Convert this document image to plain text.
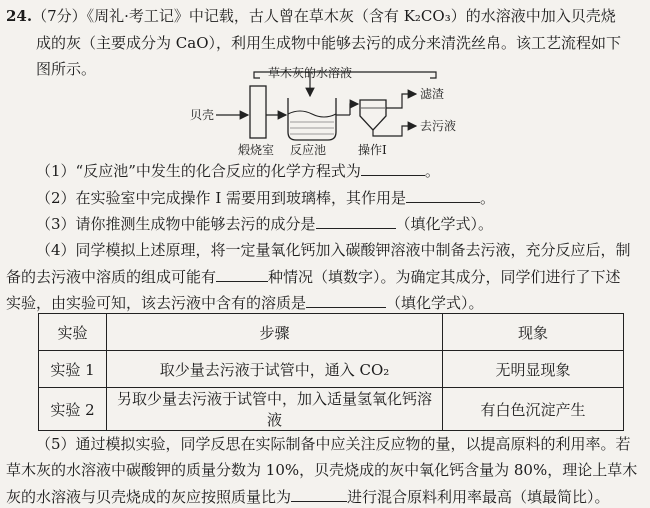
24.（7分）《周礼·考工记》中记载，古人曾在草木灰（含有 K₂CO₃）的水溶液中加入贝壳烧
成的灰（主要成分为 CaO），利用生成物中能够去污的成分来清洗丝帛。该工艺流程如下
图所示。	草木灰的水溶液
贝壳
滤渣
去污液
煅烧室 反应池	操作I
（1）“反应池”中发生的化合反应的化学方程式为	。
（2）在实验室中完成操作 I 需要用到玻璃棒，其作用是	。
（3）请你推测生成物中能够去污的成分是	（填化学式）。
（4）同学模拟上述原理，将一定量氧化钙加入碳酸钾溶液中制备去污液，充分反应后，制
备的去污液中溶质的组成可能有	种情况（填数字）。为确定其成分，同学们进行了下述
实验，由实验可知，该去污液中含有的溶质是	（填化学式）。
实验	步骤	现象
实验 1	取少量去污液于试管中，通入 CO₂	无明显现象
实验 2	另取少量去污液于试管中，加入适量氢氧化钙溶液	有白色沉淀产生
（5）通过模拟实验，同学反思在实际制备中应关注反应物的量，以提高原料的利用率。若
草木灰的水溶液中碳酸钾的质量分数为 10%，贝壳烧成的灰中氧化钙含量为 80%，理论上草木
灰的水溶液与贝壳烧成的灰应按照质量比为	进行混合原料利用率最高（填最简比）。
